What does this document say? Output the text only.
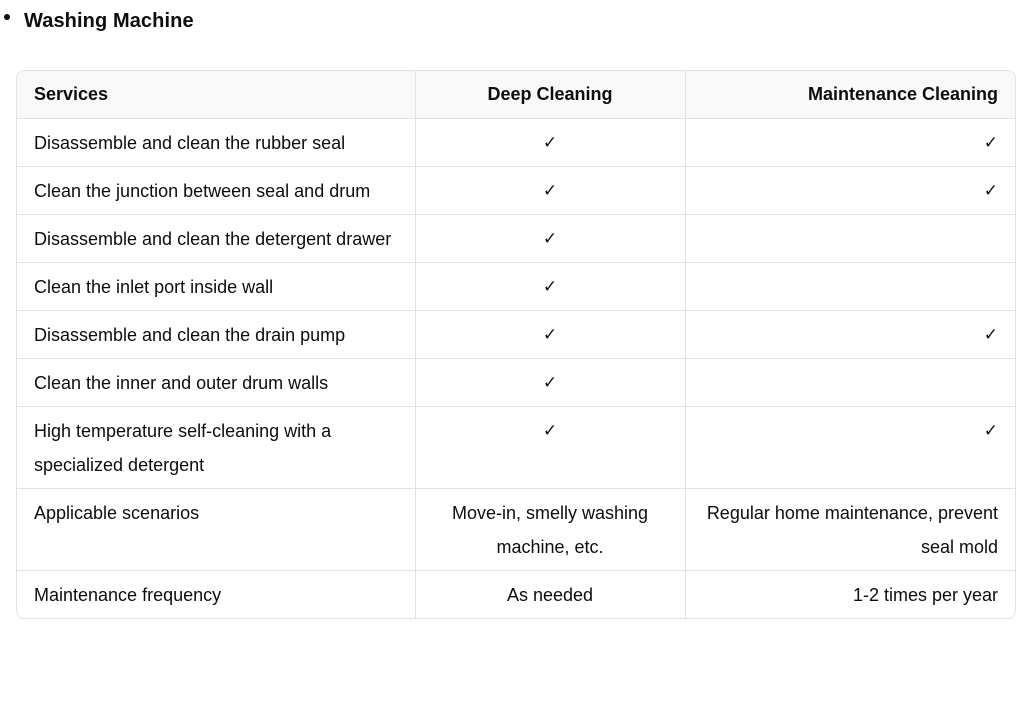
Washing Machine
Services	Deep Cleaning	Maintenance Cleaning
Disassemble and clean the rubber seal	✓	✓
Clean the junction between seal and drum	✓	✓
Disassemble and clean the detergent drawer	✓	
Clean the inlet port inside wall	✓	
Disassemble and clean the drain pump	✓	✓
Clean the inner and outer drum walls	✓	
High temperature self-cleaning with a specialized detergent	✓	✓
Applicable scenarios	Move-in, smelly washing machine, etc.	Regular home maintenance, prevent seal mold
Maintenance frequency	As needed	1-2 times per year
